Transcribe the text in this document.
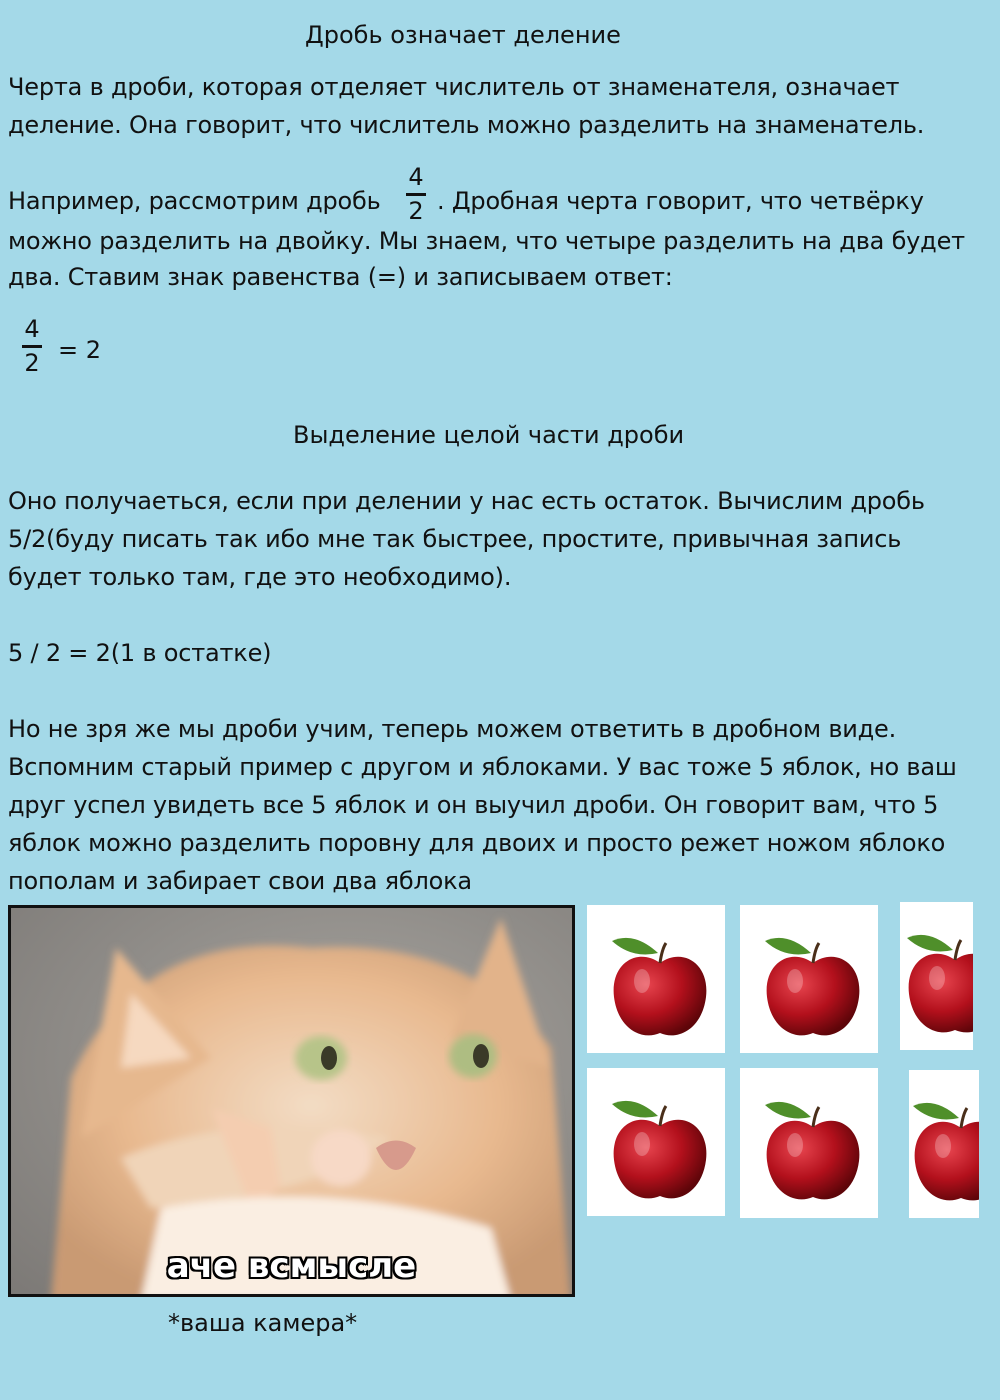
Дробь означает деление
Черта в дроби, которая отделяет числитель от знаменателя, означает
деление. Она говорит, что числитель можно разделить на знаменатель.
Например, рассмотрим дробь
4
2 . Дробная черта говорит, что четвёрку
можно разделить на двойку. Мы знаем, что четыре разделить на два будет
два. Ставим знак равенства (=) и записываем ответ:
4
2 = 2
Выделение целой части дроби
Оно получаеться, если при делении у нас есть остаток. Вычислим дробь
5/2(буду писать так ибо мне так быстрее, простите, привычная запись
будет только там, где это необходимо).
5 / 2 = 2(1 в остатке)
Но не зря же мы дроби учим, теперь можем ответить в дробном виде.
Вспомним старый пример с другом и яблоками. У вас тоже 5 яблок, но ваш
друг успел увидеть все 5 яблок и он выучил дроби. Он говорит вам, что 5
яблок можно разделить поровну для двоих и просто режет ножом яблоко
пополам и забирает свои два яблока
аче всмысле
*ваша камера*
